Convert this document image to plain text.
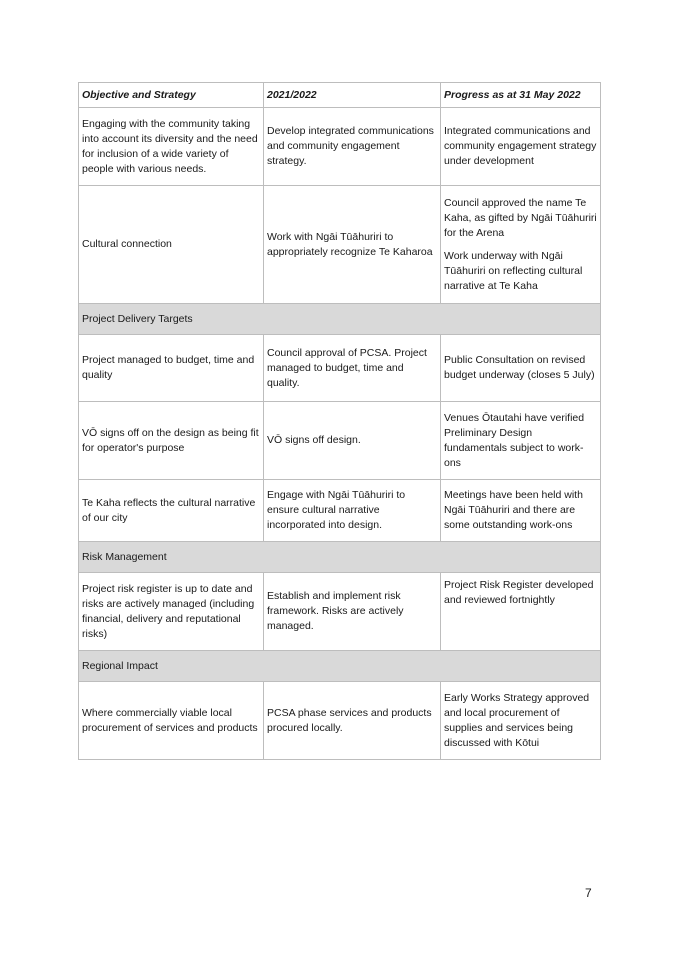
Objective and Strategy	2021/2022	Progress as at 31 May 2022
Engaging with the community taking into account its diversity and the need for inclusion of a wide variety of people with various needs.	Develop integrated communications and community engagement strategy.	Integrated communications and community engagement strategy under development

Cultural connection	Work with Ngāi Tūāhuriri to appropriately recognize Te Kaharoa	Council approved the name Te Kaha, as gifted by Ngāi Tūāhuriri for the Arena
Work underway with Ngāi Tūāhuriri on reflecting cultural narrative at Te Kaha

Project Delivery Targets		
Project managed to budget, time and quality	Council approval of PCSA. Project managed to budget, time and quality.	Public Consultation on revised budget underway (closes 5 July)

VŌ signs off on the design as being fit for operator's purpose	VŌ signs off design.	Venues Ōtautahi have verified Preliminary Design fundamentals subject to work-ons

Te Kaha reflects the cultural narrative of our city	Engage with Ngāi Tūāhuriri to ensure cultural narrative incorporated into design.	Meetings have been held with Ngāi Tūāhuriri and there are some outstanding work-ons

Risk Management		
Project risk register is up to date and risks are actively managed (including financial, delivery and reputational risks)	Establish and implement risk framework. Risks are actively managed.	Project Risk Register developed and reviewed fortnightly

Regional Impact		
Where commercially viable local procurement of services and products	PCSA phase services and products procured locally.	Early Works Strategy approved and local procurement of supplies and services being discussed with Kōtui
7
